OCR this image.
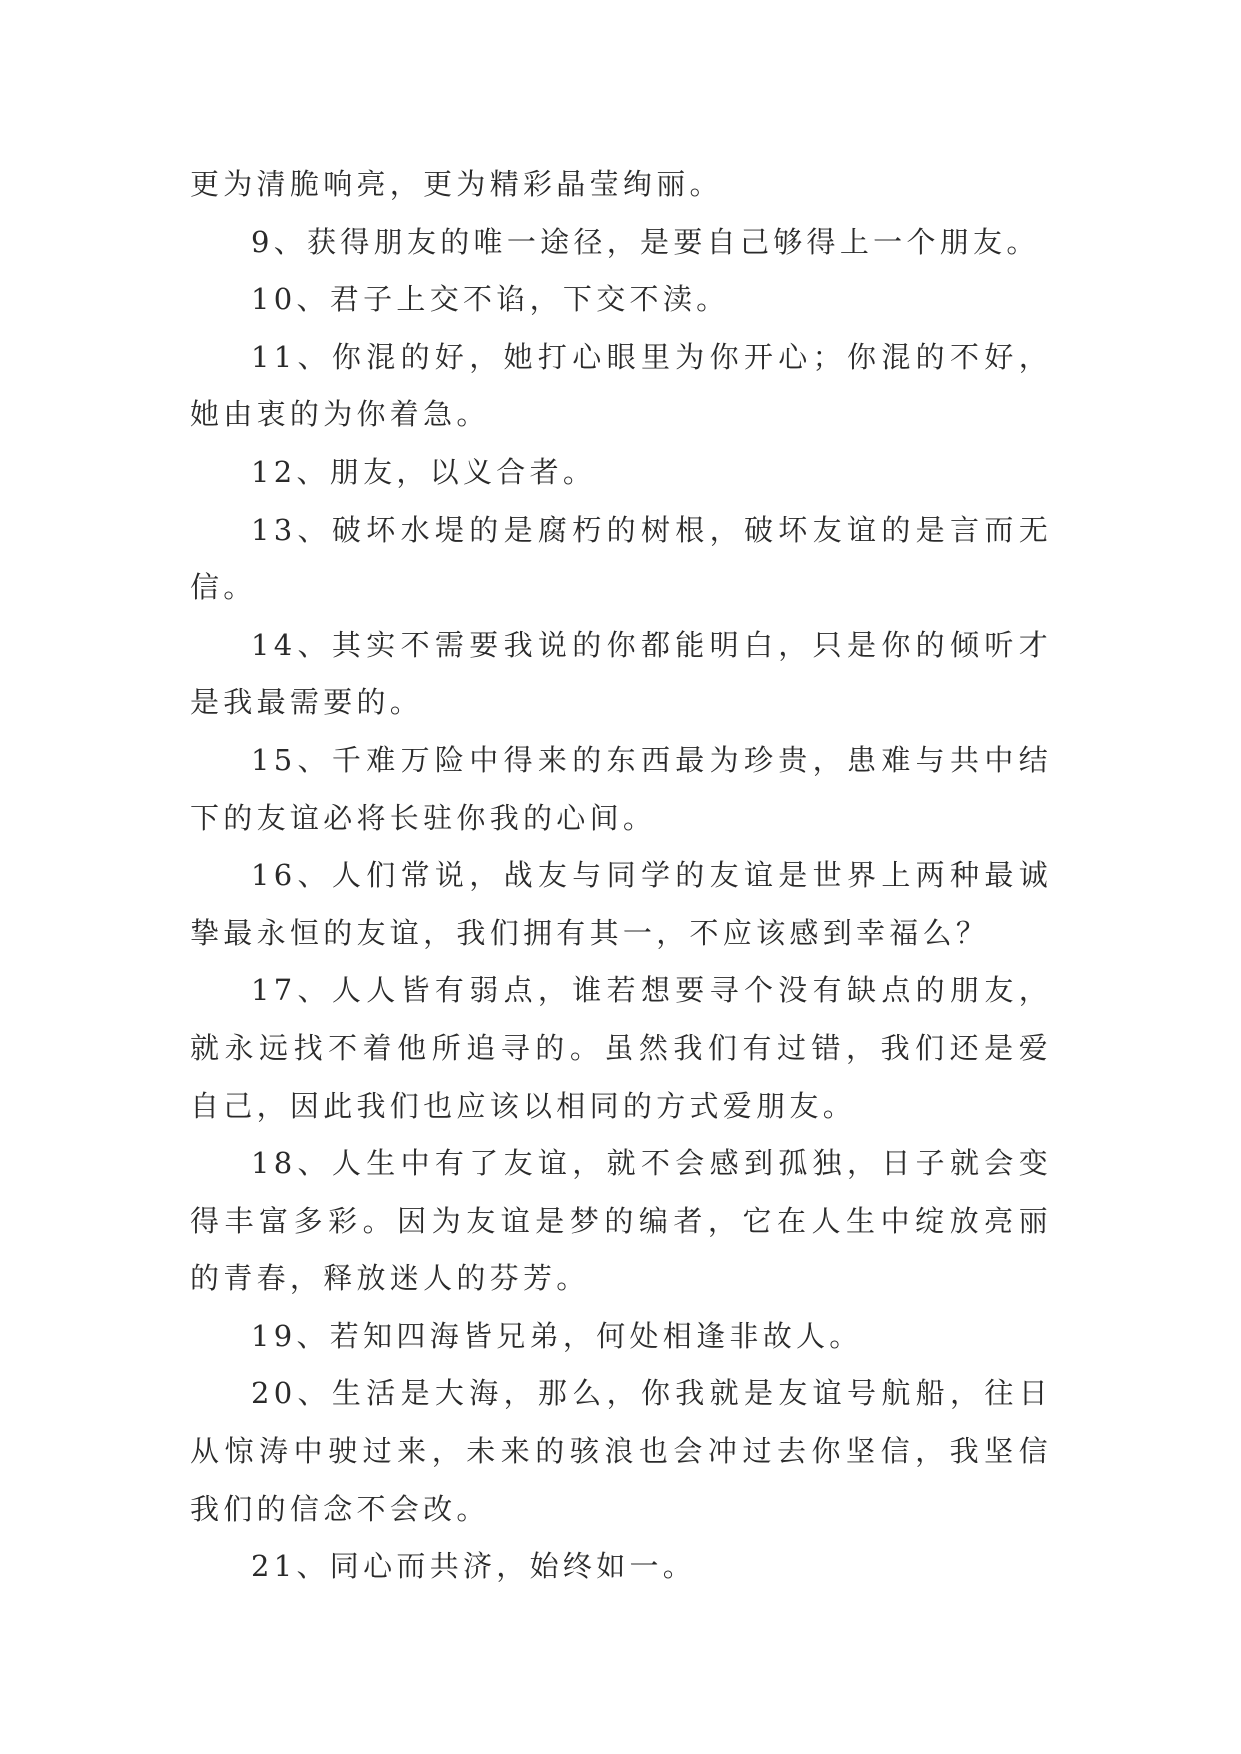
更为清脆响亮，更为精彩晶莹绚丽。

9、获得朋友的唯一途径，是要自己够得上一个朋友。

10、君子上交不谄，下交不渎。

11、你混的好，她打心眼里为你开心；你混的不好，她由衷的为你着急。

12、朋友，以义合者。

13、破坏水堤的是腐朽的树根，破坏友谊的是言而无信。

14、其实不需要我说的你都能明白，只是你的倾听才是我最需要的。

15、千难万险中得来的东西最为珍贵，患难与共中结下的友谊必将长驻你我的心间。

16、人们常说，战友与同学的友谊是世界上两种最诚挚最永恒的友谊，我们拥有其一，不应该感到幸福么？

17、人人皆有弱点，谁若想要寻个没有缺点的朋友，就永远找不着他所追寻的。虽然我们有过错，我们还是爱自己，因此我们也应该以相同的方式爱朋友。

18、人生中有了友谊，就不会感到孤独，日子就会变得丰富多彩。因为友谊是梦的编者，它在人生中绽放亮丽的青春，释放迷人的芬芳。

19、若知四海皆兄弟，何处相逢非故人。

20、生活是大海，那么，你我就是友谊号航船，往日从惊涛中驶过来，未来的骇浪也会冲过去你坚信，我坚信我们的信念不会改。

21、同心而共济，始终如一。
